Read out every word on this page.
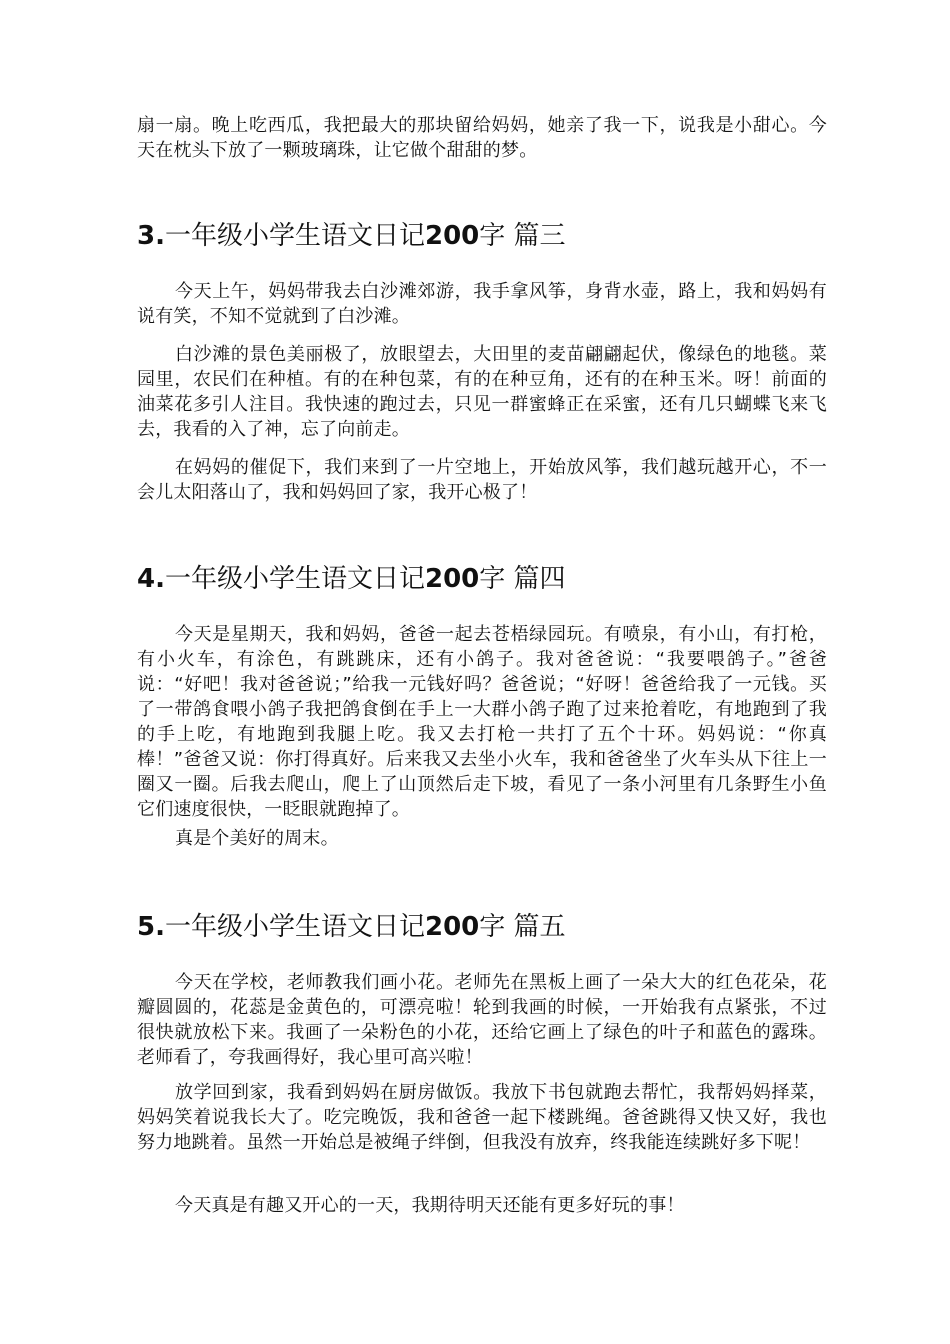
扇一扇。晚上吃西瓜，我把最大的那块留给妈妈，她亲了我一下，说我是小甜心。今天在枕头下放了一颗玻璃珠，让它做个甜甜的梦。

3.一年级小学生语文日记200字 篇三

今天上午，妈妈带我去白沙滩郊游，我手拿风筝，身背水壶，路上，我和妈妈有说有笑，不知不觉就到了白沙滩。

白沙滩的景色美丽极了，放眼望去，大田里的麦苗翩翩起伏，像绿色的地毯。菜园里，农民们在种植。有的在种包菜，有的在种豆角，还有的在种玉米。呀！前面的油菜花多引人注目。我快速的跑过去，只见一群蜜蜂正在采蜜，还有几只蝴蝶飞来飞去，我看的入了神，忘了向前走。

在妈妈的催促下，我们来到了一片空地上，开始放风筝，我们越玩越开心，不一会儿太阳落山了，我和妈妈回了家，我开心极了！

4.一年级小学生语文日记200字 篇四

今天是星期天，我和妈妈，爸爸一起去苍梧绿园玩。有喷泉，有小山，有打枪，有小火车，有涂色，有跳跳床，还有小鸽子。我对爸爸说：“我要喂鸽子。”爸爸说：“好吧！我对爸爸说；”给我一元钱好吗？爸爸说；“好呀！爸爸给我了一元钱。买了一带鸽食喂小鸽子我把鸽食倒在手上一大群小鸽子跑了过来抢着吃，有地跑到了我的手上吃，有地跑到我腿上吃。我又去打枪一共打了五个十环。妈妈说：“你真棒！”爸爸又说：你打得真好。后来我又去坐小火车，我和爸爸坐了火车头从下往上一圈又一圈。后我去爬山，爬上了山顶然后走下坡，看见了一条小河里有几条野生小鱼它们速度很快，一眨眼就跑掉了。

真是个美好的周末。

5.一年级小学生语文日记200字 篇五

今天在学校，老师教我们画小花。老师先在黑板上画了一朵大大的红色花朵，花瓣圆圆的，花蕊是金黄色的，可漂亮啦！轮到我画的时候，一开始我有点紧张，不过很快就放松下来。我画了一朵粉色的小花，还给它画上了绿色的叶子和蓝色的露珠。老师看了，夸我画得好，我心里可高兴啦！

放学回到家，我看到妈妈在厨房做饭。我放下书包就跑去帮忙，我帮妈妈择菜，妈妈笑着说我长大了。吃完晚饭，我和爸爸一起下楼跳绳。爸爸跳得又快又好，我也努力地跳着。虽然一开始总是被绳子绊倒，但我没有放弃，终我能连续跳好多下呢！

今天真是有趣又开心的一天，我期待明天还能有更多好玩的事！
